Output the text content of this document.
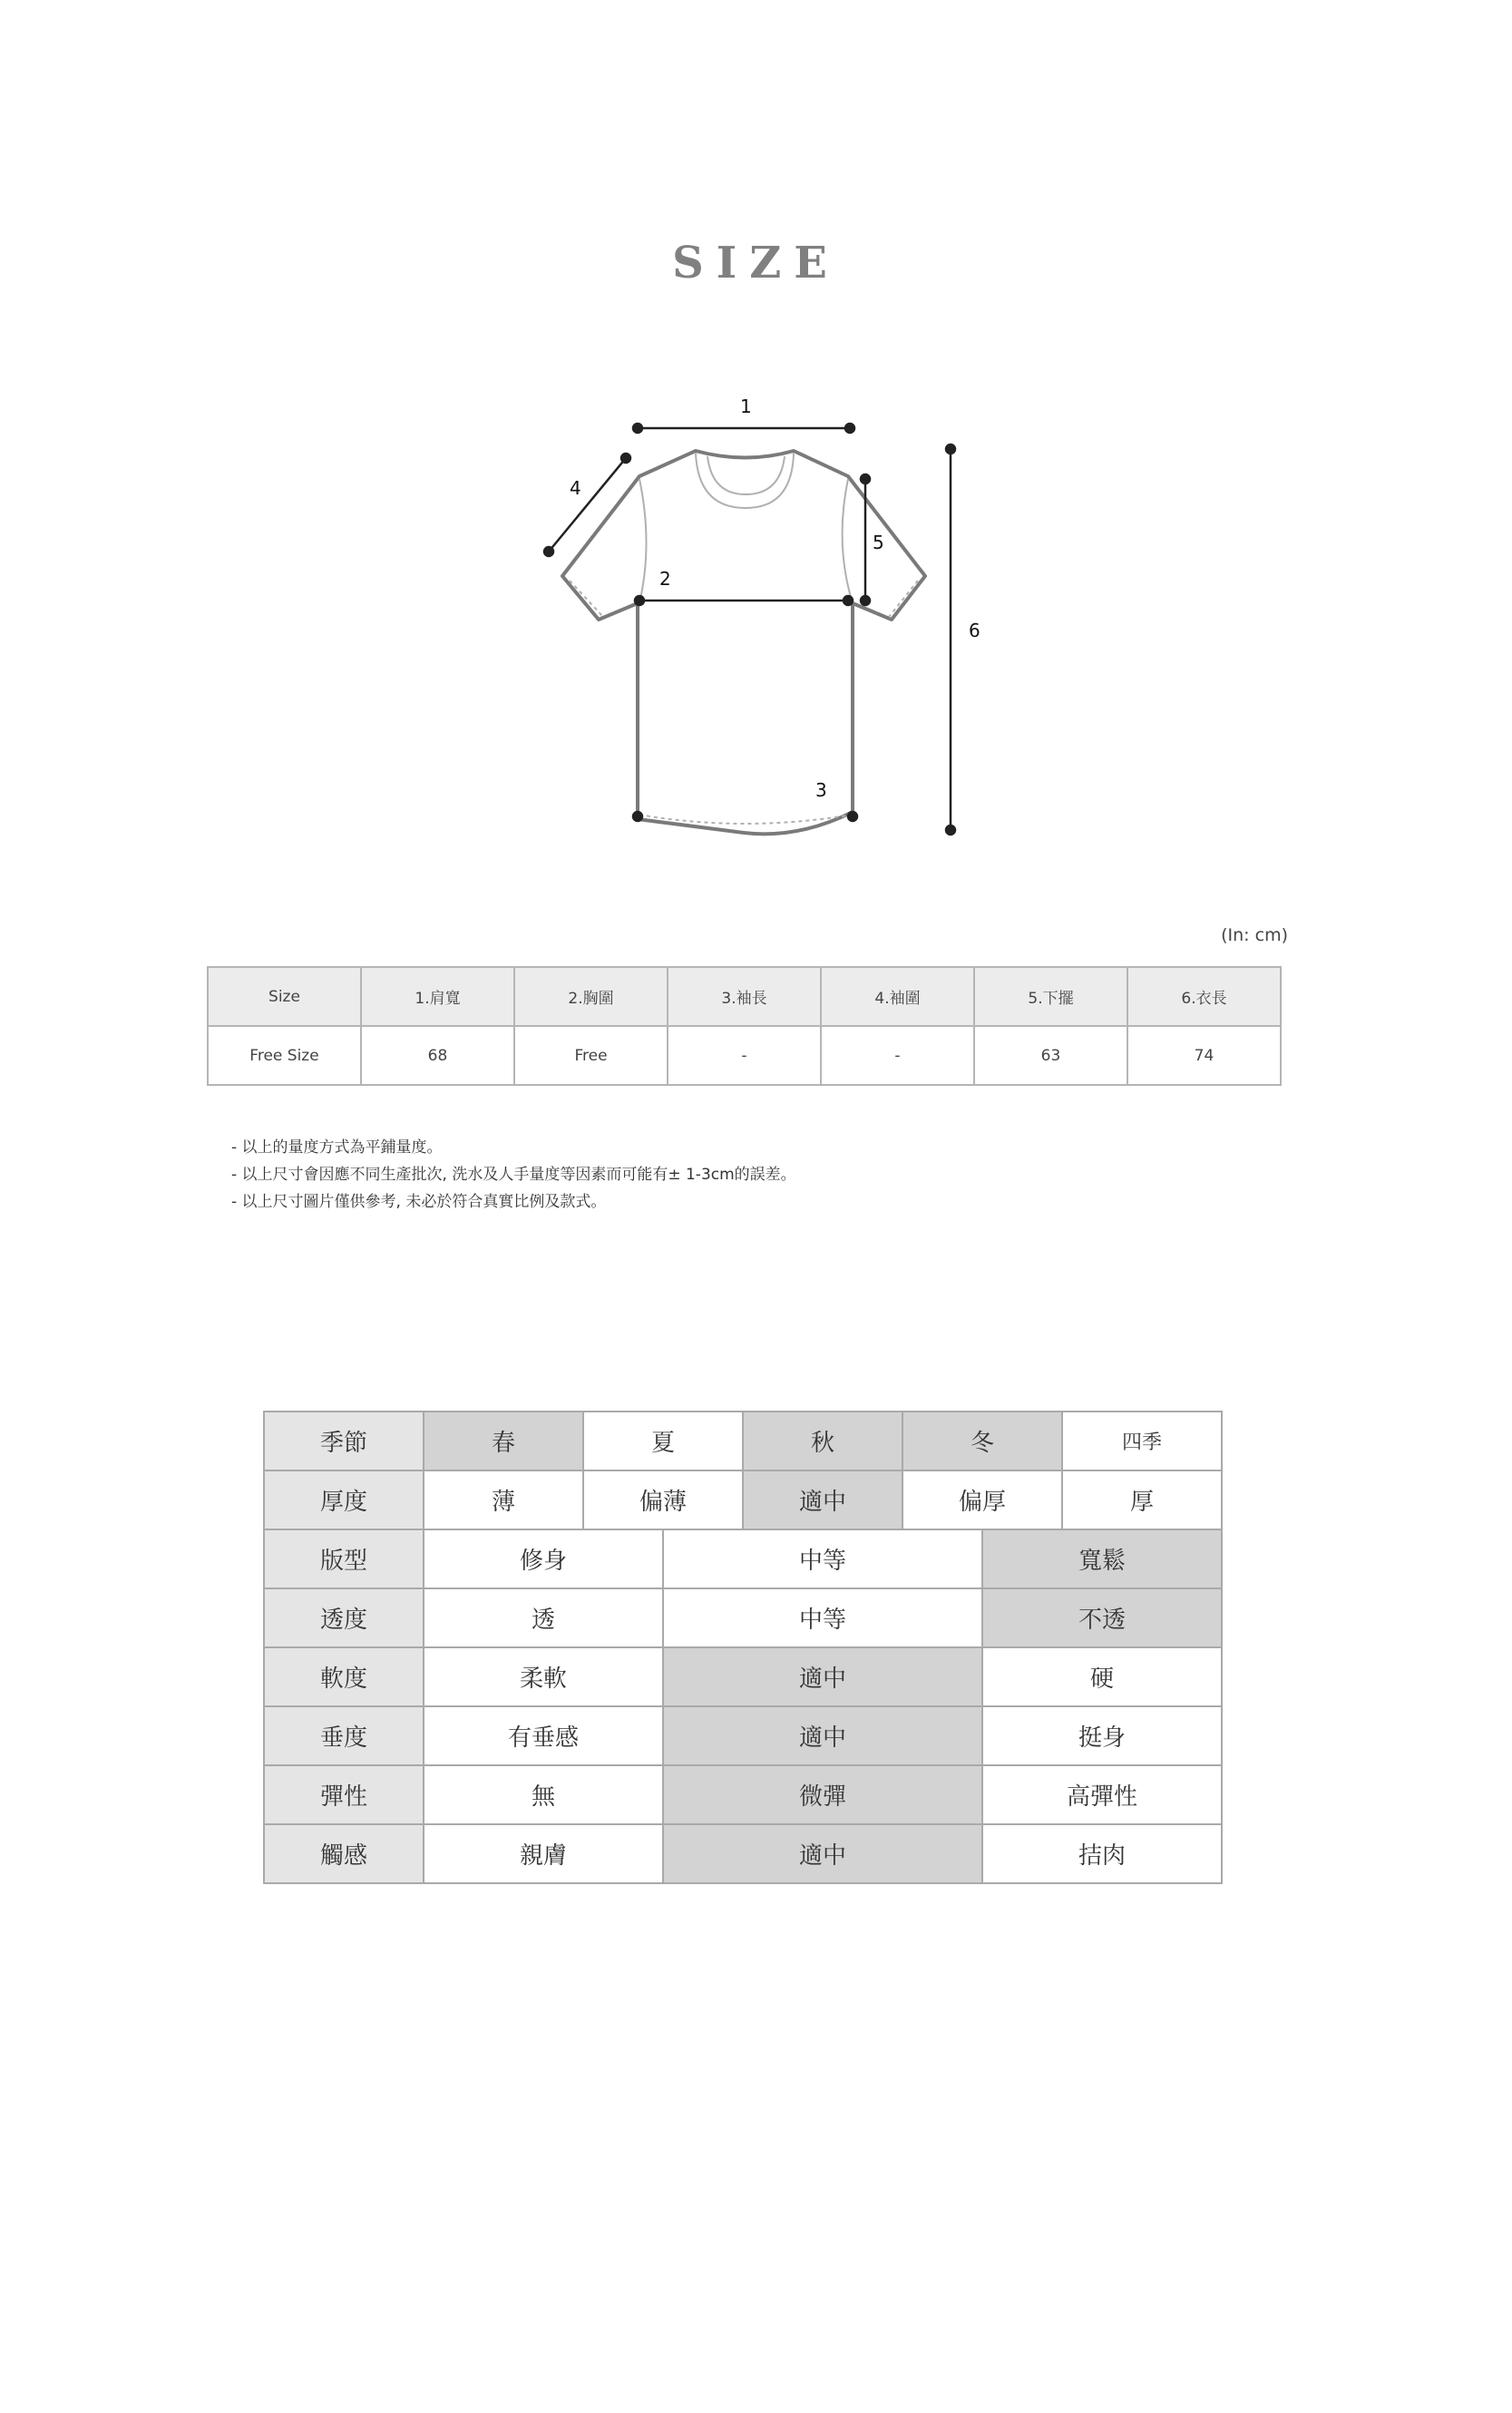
SIZE
1
2
3
4
5
6
(In: cm)
Size	1.肩寬	2.胸圍	3.袖長	4.袖圍	5.下擺	6.衣長
Free Size	68	Free	-	-	63	74
- 以上的量度方式為平鋪量度。
- 以上尺寸會因應不同生產批次, 洗水及人手量度等因素而可能有± 1-3cm的誤差。
- 以上尺寸圖片僅供參考, 未必於符合真實比例及款式。
季節	春	夏		秋	冬		四季
厚度	薄	偏薄		適中	偏厚		厚
版型	修身		中等			寬鬆	
透度	透		中等			不透	
軟度	柔軟		適中			硬	
垂度	有垂感		適中			挺身	
彈性	無		微彈			高彈性	
觸感	親膚		適中			拮肉	
